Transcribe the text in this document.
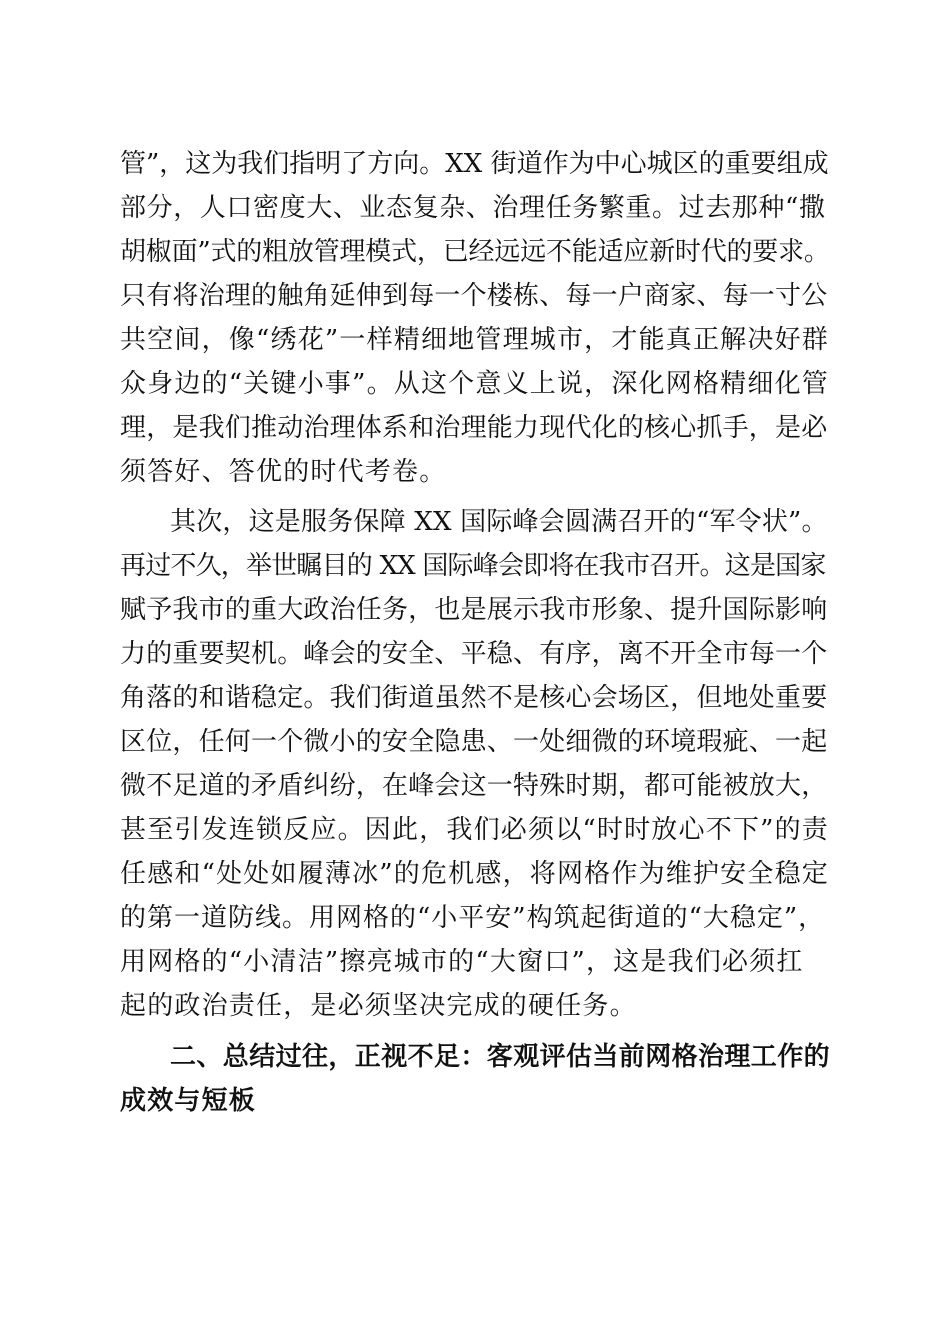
管”，这为我们指明了方向。XX 街道作为中心城区的重要组成
部分，人口密度大、业态复杂、治理任务繁重。过去那种“撒
胡椒面”式的粗放管理模式，已经远远不能适应新时代的要求。
只有将治理的触角延伸到每一个楼栋、每一户商家、每一寸公
共空间，像“绣花”一样精细地管理城市，才能真正解决好群
众身边的“关键小事”。从这个意义上说，深化网格精细化管
理，是我们推动治理体系和治理能力现代化的核心抓手，是必
须答好、答优的时代考卷。
其次，这是服务保障 XX 国际峰会圆满召开的“军令状”。
再过不久，举世瞩目的 XX 国际峰会即将在我市召开。这是国家
赋予我市的重大政治任务，也是展示我市形象、提升国际影响
力的重要契机。峰会的安全、平稳、有序，离不开全市每一个
角落的和谐稳定。我们街道虽然不是核心会场区，但地处重要
区位，任何一个微小的安全隐患、一处细微的环境瑕疵、一起
微不足道的矛盾纠纷，在峰会这一特殊时期，都可能被放大，
甚至引发连锁反应。因此，我们必须以“时时放心不下”的责
任感和“处处如履薄冰”的危机感，将网格作为维护安全稳定
的第一道防线。用网格的“小平安”构筑起街道的“大稳定”，
用网格的“小清洁”擦亮城市的“大窗口”，这是我们必须扛
起的政治责任，是必须坚决完成的硬任务。
二、总结过往，正视不足：客观评估当前网格治理工作的
成效与短板
